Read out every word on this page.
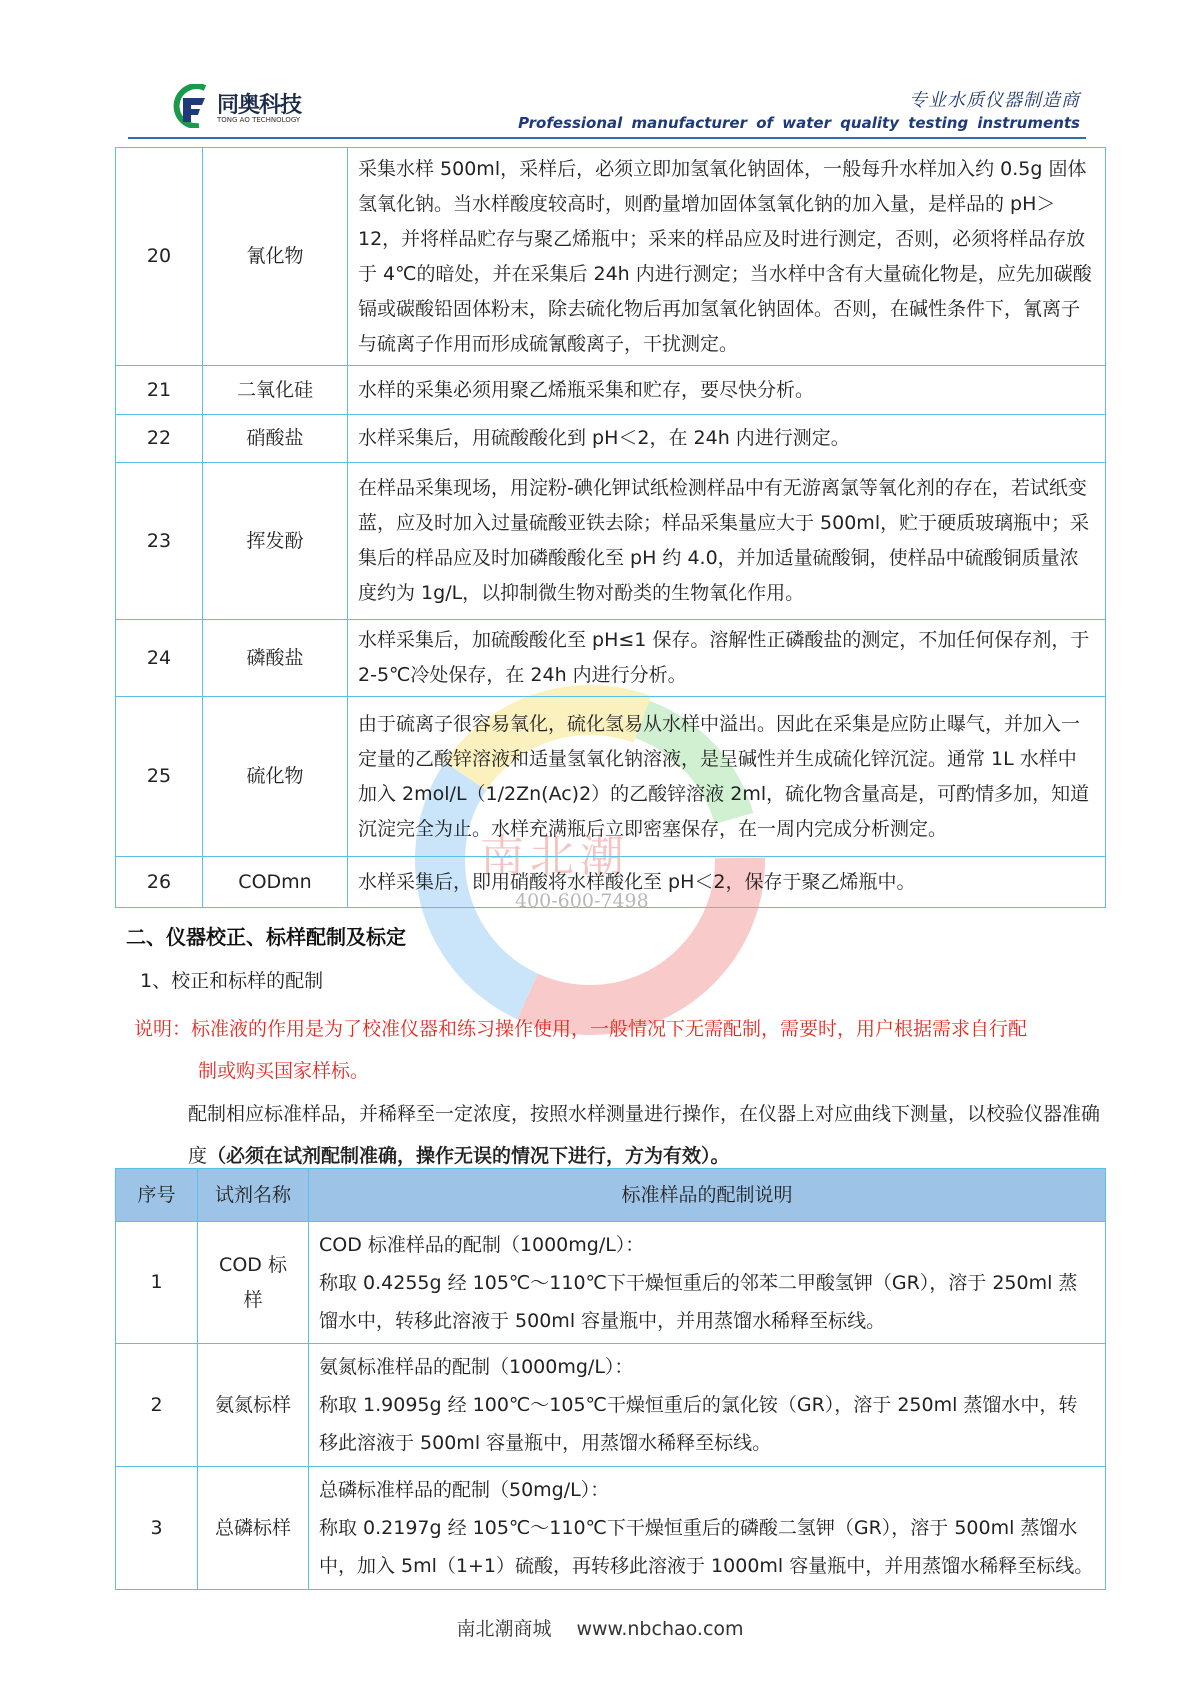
同奥科技
TONG AO TECHNOLOGY
专业水质仪器制造商
Professional manufacturer of water quality testing instruments
南北潮
400-600-7498
20	氰化物	采集水样 500ml，采样后，必须立即加氢氧化钠固体，一般每升水样加入约 0.5g 固体氢氧化钠。当水样酸度较高时，则酌量增加固体氢氧化钠的加入量，是样品的 pH＞12，并将样品贮存与聚乙烯瓶中；采来的样品应及时进行测定，否则，必须将样品存放于 4℃的暗处，并在采集后 24h 内进行测定；当水样中含有大量硫化物是，应先加碳酸镉或碳酸铅固体粉末，除去硫化物后再加氢氧化钠固体。否则，在碱性条件下，氰离子与硫离子作用而形成硫氰酸离子，干扰测定。
21	二氧化硅	水样的采集必须用聚乙烯瓶采集和贮存，要尽快分析。
22	硝酸盐	水样采集后，用硫酸酸化到 pH＜2，在 24h 内进行测定。
23	挥发酚	在样品采集现场，用淀粉-碘化钾试纸检测样品中有无游离氯等氧化剂的存在，若试纸变蓝，应及时加入过量硫酸亚铁去除；样品采集量应大于 500ml，贮于硬质玻璃瓶中；采集后的样品应及时加磷酸酸化至 pH 约 4.0，并加适量硫酸铜，使样品中硫酸铜质量浓度约为 1g/L，以抑制微生物对酚类的生物氧化作用。
24	磷酸盐	水样采集后，加硫酸酸化至 pH≤1 保存。溶解性正磷酸盐的测定，不加任何保存剂，于 2-5℃冷处保存，在 24h 内进行分析。
25	硫化物	由于硫离子很容易氧化，硫化氢易从水样中溢出。因此在采集是应防止曝气，并加入一定量的乙酸锌溶液和适量氢氧化钠溶液，是呈碱性并生成硫化锌沉淀。通常 1L 水样中加入 2mol/L（1/2Zn(Ac)2）的乙酸锌溶液 2ml，硫化物含量高是，可酌情多加，知道沉淀完全为止。水样充满瓶后立即密塞保存，在一周内完成分析测定。
26	CODmn	水样采集后，即用硝酸将水样酸化至 pH＜2，保存于聚乙烯瓶中。
二、仪器校正、标样配制及标定
1、校正和标样的配制
说明：标准液的作用是为了校准仪器和练习操作使用，一般情况下无需配制，需要时，用户根据需求自行配
制或购买国家样标。
配制相应标准样品，并稀释至一定浓度，按照水样测量进行操作，在仪器上对应曲线下测量，以校验仪器准确度（必须在试剂配制准确，操作无误的情况下进行，方为有效）。
序号	试剂名称	标准样品的配制说明
1	COD 标样	COD 标准样品的配制（1000mg/L）：
称取 0.4255g 经 105℃～110℃下干燥恒重后的邻苯二甲酸氢钾（GR），溶于 250ml 蒸馏水中，转移此溶液于 500ml 容量瓶中，并用蒸馏水稀释至标线。

2	氨氮标样	氨氮标准样品的配制（1000mg/L）：
称取 1.9095g 经 100℃～105℃干燥恒重后的氯化铵（GR），溶于 250ml 蒸馏水中，转移此溶液于 500ml 容量瓶中，用蒸馏水稀释至标线。

3	总磷标样	总磷标准样品的配制（50mg/L）：
称取 0.2197g 经 105℃～110℃下干燥恒重后的磷酸二氢钾（GR），溶于 500ml 蒸馏水中，加入 5ml（1+1）硫酸，再转移此溶液于 1000ml 容量瓶中，并用蒸馏水稀释至标线。
南北潮商城　 www.nbchao.com
